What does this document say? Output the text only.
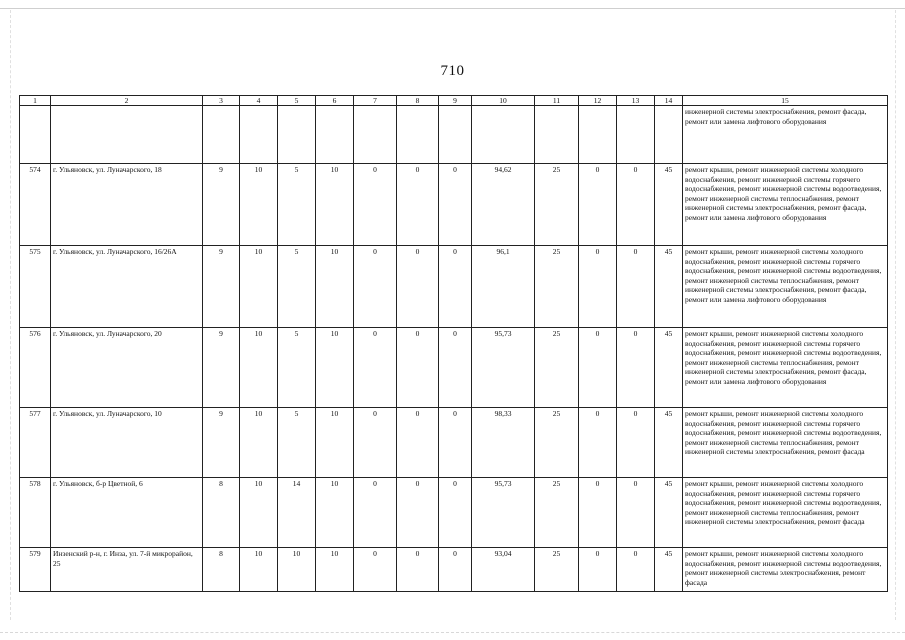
710
1	2	3	4	5	6	7	8	9	10	11	12	13	14	15
														инженерной системы электроснабжения, ремонт фасада, ремонт или замена лифтового оборудования
574	г. Ульяновск, ул. Луначарского, 18	9	10	5	10	0	0	0	94,62	25	0	0	45	ремонт крыши, ремонт инженерной системы холодного водоснабжения, ремонт инженерной системы горячего водоснабжения, ремонт инженерной системы водоотведения, ремонт инженерной системы теплоснабжения, ремонт инженерной системы электроснабжения, ремонт фасада, ремонт или замена лифтового оборудования
575	г. Ульяновск, ул. Луначарского, 16/26А	9	10	5	10	0	0	0	96,1	25	0	0	45	ремонт крыши, ремонт инженерной системы холодного водоснабжения, ремонт инженерной системы горячего водоснабжения, ремонт инженерной системы водоотведения, ремонт инженерной системы теплоснабжения, ремонт инженерной системы электроснабжения, ремонт фасада, ремонт или замена лифтового оборудования
576	г. Ульяновск, ул. Луначарского, 20	9	10	5	10	0	0	0	95,73	25	0	0	45	ремонт крыши, ремонт инженерной системы холодного водоснабжения, ремонт инженерной системы горячего водоснабжения, ремонт инженерной системы водоотведения, ремонт инженерной системы теплоснабжения, ремонт инженерной системы электроснабжения, ремонт фасада, ремонт или замена лифтового оборудования
577	г. Ульяновск, ул. Луначарского, 10	9	10	5	10	0	0	0	98,33	25	0	0	45	ремонт крыши, ремонт инженерной системы холодного водоснабжения, ремонт инженерной системы горячего водоснабжения, ремонт инженерной системы водоотведения, ремонт инженерной системы теплоснабжения, ремонт инженерной системы электроснабжения, ремонт фасада
578	г. Ульяновск, б-р Цветной, 6	8	10	14	10	0	0	0	95,73	25	0	0	45	ремонт крыши, ремонт инженерной системы холодного водоснабжения, ремонт инженерной системы горячего водоснабжения, ремонт инженерной системы водоотведения, ремонт инженерной системы теплоснабжения, ремонт инженерной системы электроснабжения, ремонт фасада
579	Инзенский р-н, г. Инза, ул. 7-й микрорайон, 25	8	10	10	10	0	0	0	93,04	25	0	0	45	ремонт крыши, ремонт инженерной системы холодного водоснабжения, ремонт инженерной системы водоотведения, ремонт инженерной системы электроснабжения, ремонт фасада
